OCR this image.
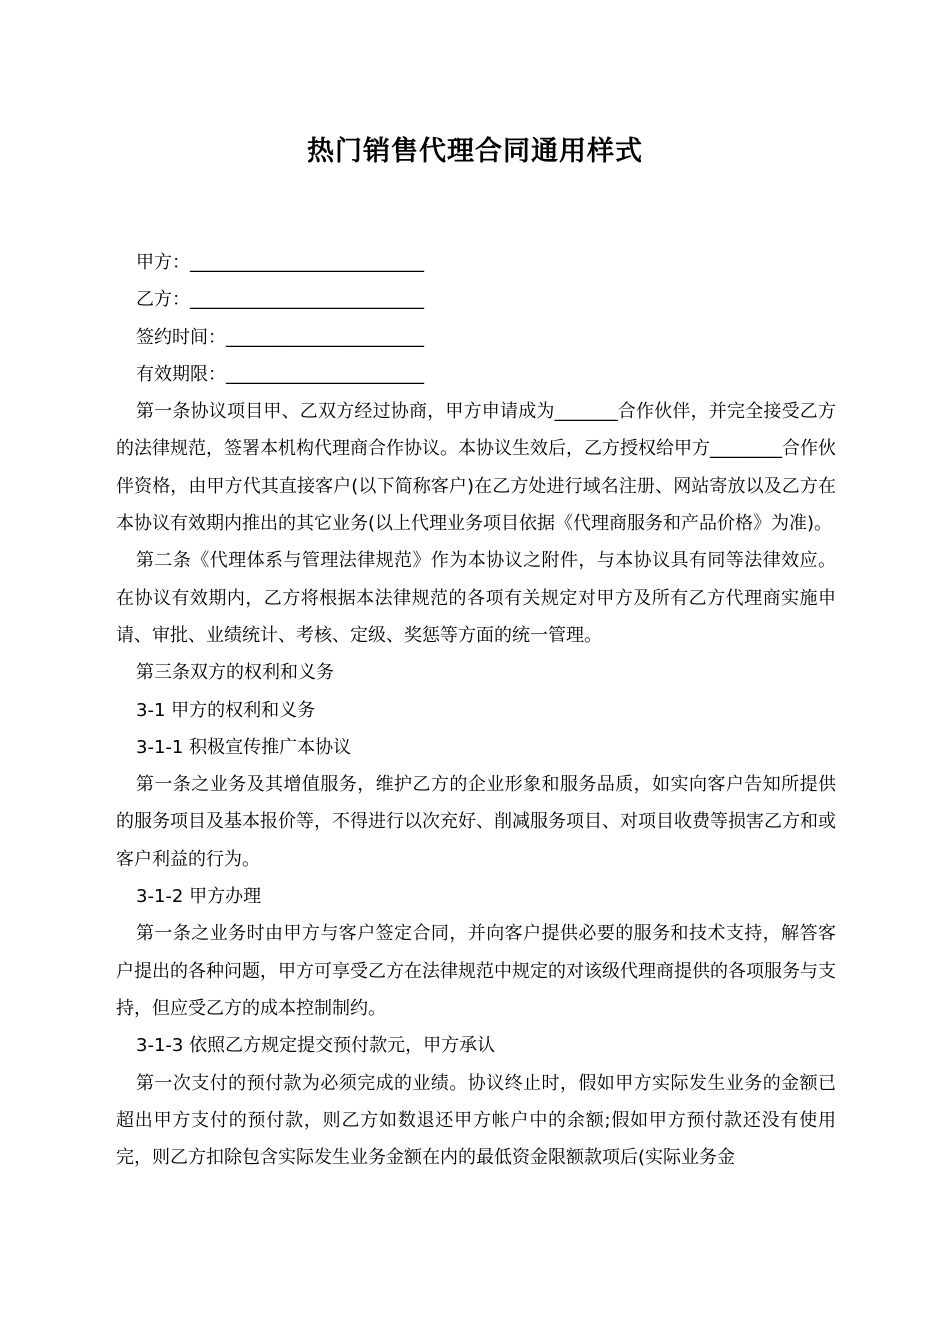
热门销售代理合同通用样式
甲方：__________________________
乙方：__________________________
签约时间：______________________
有效期限：______________________
第一条协议项目甲、乙双方经过协商，甲方申请成为_______合作伙伴，并完全接受乙方的法律规范，签署本机构代理商合作协议。本协议生效后，乙方授权给甲方________合作伙伴资格，由甲方代其直接客户(以下简称客户)在乙方处进行域名注册、网站寄放以及乙方在本协议有效期内推出的其它业务(以上代理业务项目依据《代理商服务和产品价格》为准)。
第二条《代理体系与管理法律规范》作为本协议之附件，与本协议具有同等法律效应。在协议有效期内，乙方将根据本法律规范的各项有关规定对甲方及所有乙方代理商实施申请、审批、业绩统计、考核、定级、奖惩等方面的统一管理。
第三条双方的权利和义务
3-1 甲方的权利和义务
3-1-1 积极宣传推广本协议
第一条之业务及其增值服务，维护乙方的企业形象和服务品质，如实向客户告知所提供的服务项目及基本报价等，不得进行以次充好、削减服务项目、对项目收费等损害乙方和或客户利益的行为。
3-1-2 甲方办理
第一条之业务时由甲方与客户签定合同，并向客户提供必要的服务和技术支持，解答客户提出的各种问题，甲方可享受乙方在法律规范中规定的对该级代理商提供的各项服务与支持，但应受乙方的成本控制制约。
3-1-3 依照乙方规定提交预付款元，甲方承认
第一次支付的预付款为必须完成的业绩。协议终止时，假如甲方实际发生业务的金额已超出甲方支付的预付款，则乙方如数退还甲方帐户中的余额;假如甲方预付款还没有使用完，则乙方扣除包含实际发生业务金额在内的最低资金限额款项后(实际业务金
